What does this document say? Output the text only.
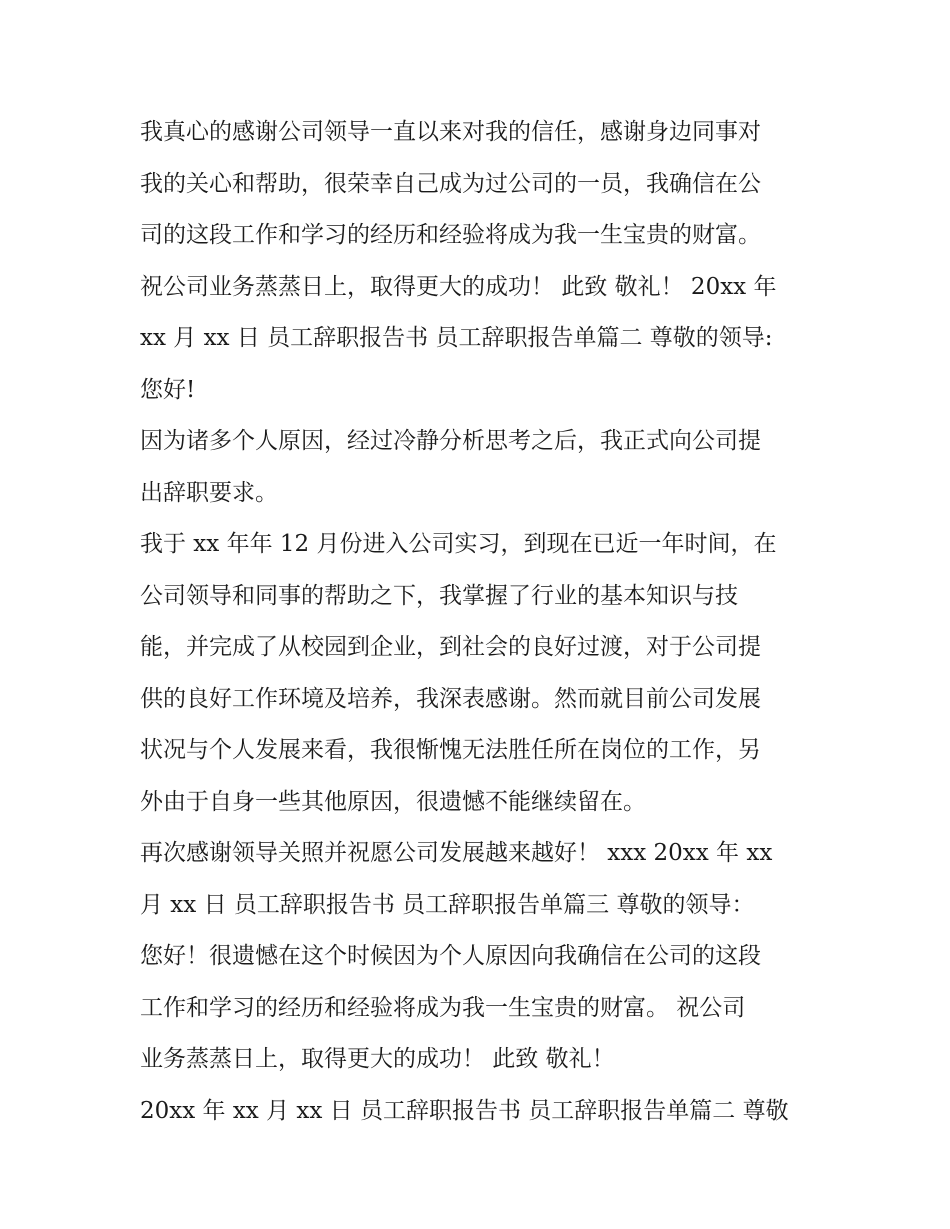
我真心的感谢公司领导一直以来对我的信任，感谢身边同事对
我的关心和帮助，很荣幸自己成为过公司的一员，我确信在公
司的这段工作和学习的经历和经验将成为我一生宝贵的财富。
祝公司业务蒸蒸日上，取得更大的成功！ 此致 敬礼！ 20xx 年
xx 月 xx 日 员工辞职报告书 员工辞职报告单篇二 尊敬的领导:
您好!
因为诸多个人原因，经过冷静分析思考之后，我正式向公司提
出辞职要求。
我于 xx 年年 12 月份进入公司实习，到现在已近一年时间，在
公司领导和同事的帮助之下，我掌握了行业的基本知识与技
能，并完成了从校园到企业，到社会的良好过渡，对于公司提
供的良好工作环境及培养，我深表感谢。然而就目前公司发展
状况与个人发展来看，我很惭愧无法胜任所在岗位的工作，另
外由于自身一些其他原因，很遗憾不能继续留在。
再次感谢领导关照并祝愿公司发展越来越好！ xxx 20xx 年 xx
月 xx 日 员工辞职报告书 员工辞职报告单篇三 尊敬的领导：
您好！很遗憾在这个时候因为个人原因向我确信在公司的这段
工作和学习的经历和经验将成为我一生宝贵的财富。 祝公司
业务蒸蒸日上，取得更大的成功！ 此致 敬礼！
20xx 年 xx 月 xx 日 员工辞职报告书 员工辞职报告单篇二 尊敬
